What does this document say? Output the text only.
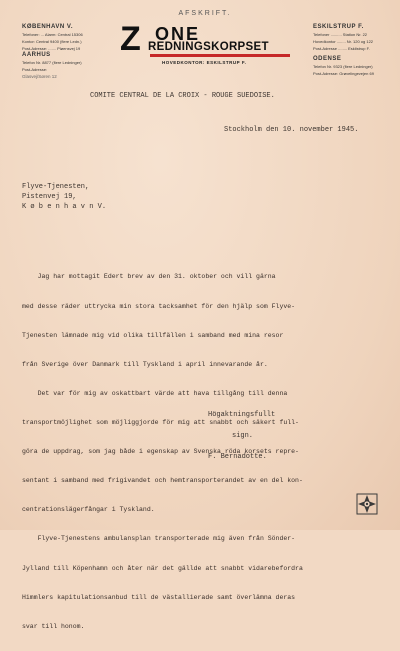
AFSKRIFT.
KØBENHAVN V.
Telefoner: ... Alarm: Central 15306
Kontor: Central 9400 (flere Ledn.)
Post-Adresse: ....... Pløensvej 19
AARHUS
Telefon Nr. 8877 (flere Ledninger)
Post-Adresse:
Glasvej/Søren 12
ESKILSTRUP F.
Telefoner .......... Station Nr. 22
Hovedkontor ........ Nr. 120 og 122
Post-Adresse ........ Eskilstrup F.
ODENSE
Telefon Nr. 9323 (flere Ledninger)
Post-Adresse: Grøvelingevejen 69
Z ONE
REDNINGSKORPSET
HOVEDKONTOR: ESKILSTRUP F.
COMITE CENTRAL DE LA CROIX - ROUGE SUEDOISE.
Stockholm den 10. november 1945.
Flyve-Tjenesten,
Pistenvej 19,
K ø b e n h a v n V.

Jag har mottagit Edert brev av den 31. oktober och vill gärna

med desse räder uttrycka min stora tacksamhet för den hjälp som Flyve-

Tjenesten lämnade mig vid olika tillfällen i samband med mina resor

från Sverige över Danmark till Tyskland i april innevarande år.

Det var för mig av oskattbart värde att hava tillgång till denna

transportmöjlighet som möjliggjorde för mig att snabbt och säkert full-

göra de uppdrag, som jag både i egenskap av Svenska röda korsets repre-

sentant i samband med frigivandet och hemtransporterandet av en del kon-

centrationslägerfångar i Tyskland.

Flyve-Tjenestens ambulansplan transporterade mig även från Sönder-

Jylland till Köpenhamn och åter när det gällde att snabbt vidarebefordra

Himmlers kapitulationsanbud till de västallierade samt överlämna deras

svar till honom.

Högaktningsfullt
sign.
F. Bernadotte.
